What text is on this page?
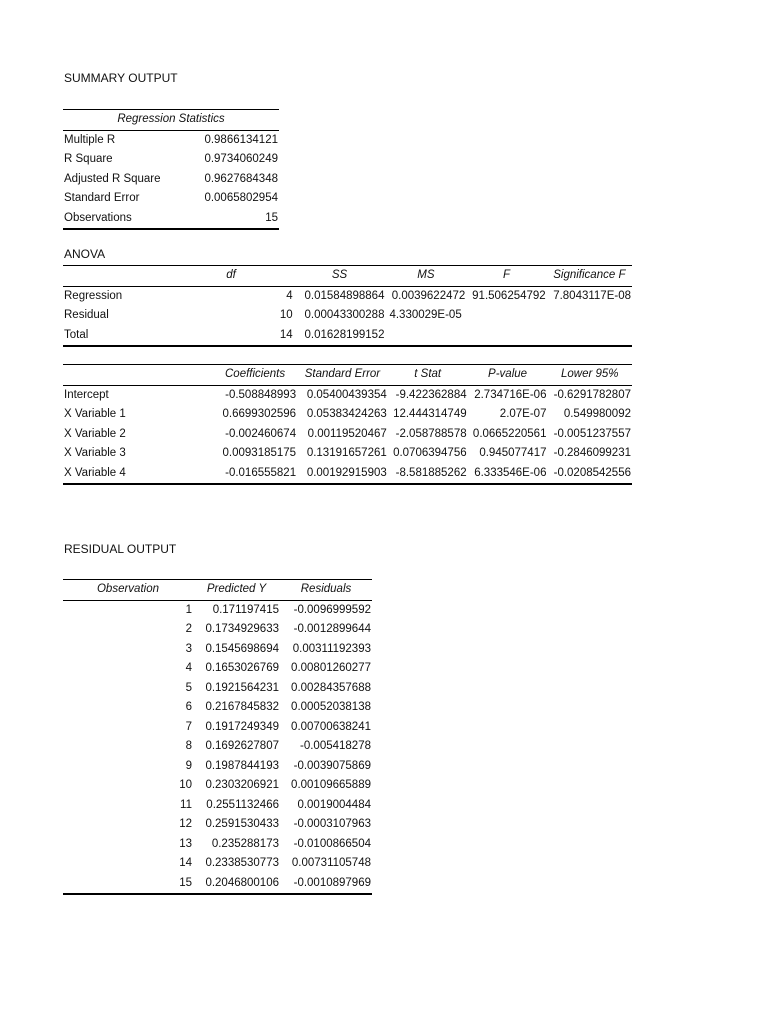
SUMMARY OUTPUT
Regression Statistics	
Multiple R	0.9866134121
R Square	0.9734060249
Adjusted R Square	0.9627684348
Standard Error	0.0065802954
Observations	15
ANOVA
	df	SS	MS	F	Significance F
Regression	4	0.01584898864	0.0039622472	91.506254792	7.8043117E-08
Residual	10	0.00043300288	4.330029E-05		
Total	14	0.01628199152			
	Coefficients	Standard Error	t Stat	P-value	Lower 95%
Intercept	-0.508848993	0.05400439354	-9.422362884	2.734716E-06	-0.6291782807
X Variable 1	0.6699302596	0.05383424263	12.444314749	2.07E-07	0.549980092
X Variable 2	-0.002460674	0.00119520467	-2.058788578	0.0665220561	-0.0051237557
X Variable 3	0.0093185175	0.13191657261	0.0706394756	0.945077417	-0.2846099231
X Variable 4	-0.016555821	0.00192915903	-8.581885262	6.333546E-06	-0.0208542556
RESIDUAL OUTPUT
Observation	Predicted Y	Residuals
1	0.171197415	-0.0096999592
2	0.1734929633	-0.0012899644
3	0.1545698694	0.00311192393
4	0.1653026769	0.00801260277
5	0.1921564231	0.00284357688
6	0.2167845832	0.00052038138
7	0.1917249349	0.00700638241
8	0.1692627807	-0.005418278
9	0.1987844193	-0.0039075869
10	0.2303206921	0.00109665889
11	0.2551132466	0.0019004484
12	0.2591530433	-0.0003107963
13	0.235288173	-0.0100866504
14	0.2338530773	0.00731105748
15	0.2046800106	-0.0010897969
